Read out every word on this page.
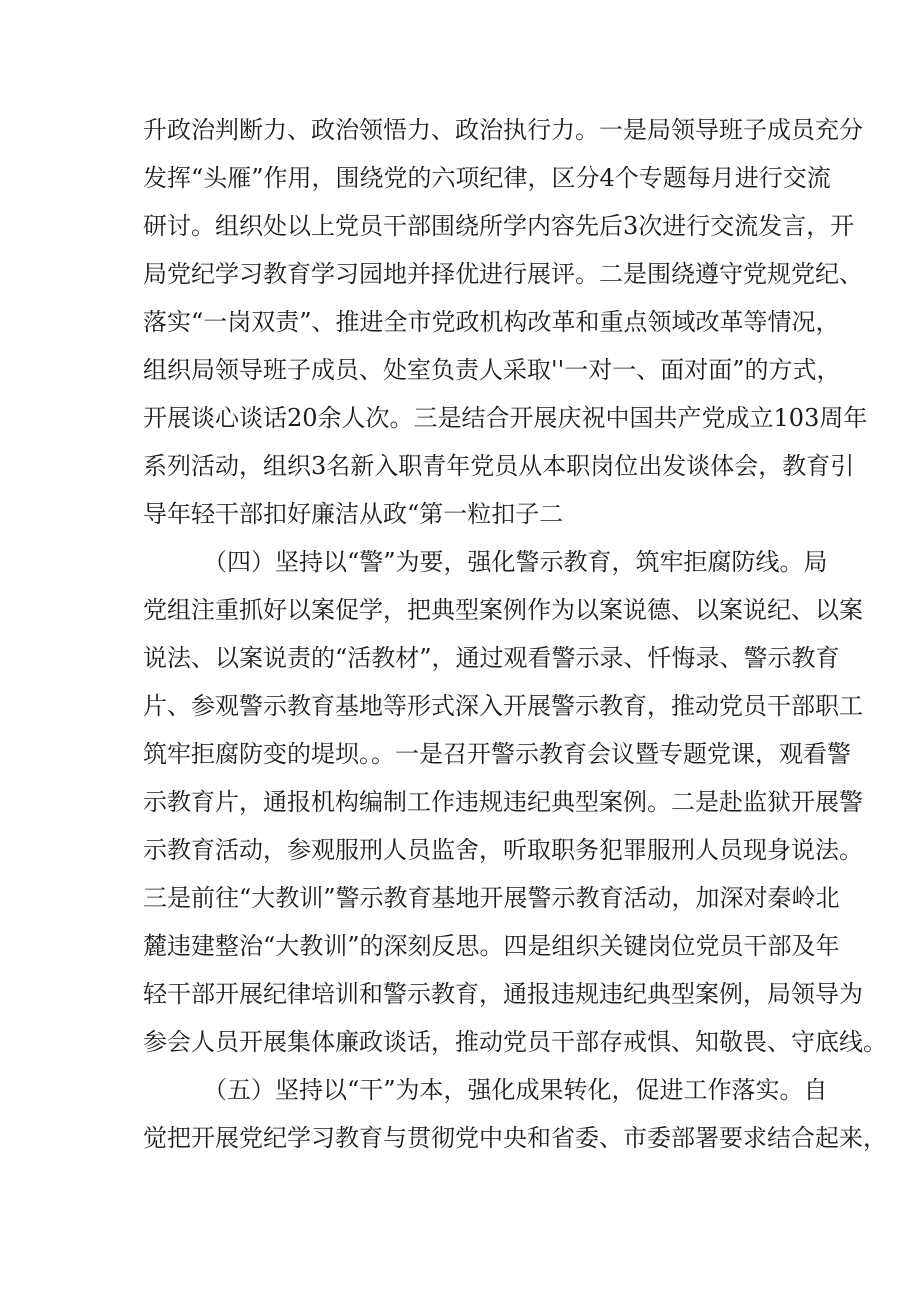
升政治判断力、政治领悟力、政治执行力。一是局领导班子成员充分
发挥“头雁”作用，围绕党的六项纪律，区分4个专题每月进行交流
研讨。组织处以上党员干部围绕所学内容先后3次进行交流发言，开
局党纪学习教育学习园地并择优进行展评。二是围绕遵守党规党纪、
落实“一岗双责”、推进全市党政机构改革和重点领域改革等情况，
组织局领导班子成员、处室负责人采取''一对一、面对面”的方式，
开展谈心谈话20余人次。三是结合开展庆祝中国共产党成立103周年
系列活动，组织3名新入职青年党员从本职岗位出发谈体会，教育引
导年轻干部扣好廉洁从政“第一粒扣子二
（四）坚持以“警”为要，强化警示教育，筑牢拒腐防线。局
党组注重抓好以案促学，把典型案例作为以案说德、以案说纪、以案
说法、以案说责的“活教材”，通过观看警示录、忏悔录、警示教育
片、参观警示教育基地等形式深入开展警示教育，推动党员干部职工
筑牢拒腐防变的堤坝。。一是召开警示教育会议暨专题党课，观看警
示教育片，通报机构编制工作违规违纪典型案例。二是赴监狱开展警
示教育活动，参观服刑人员监舍，听取职务犯罪服刑人员现身说法。
三是前往“大教训”警示教育基地开展警示教育活动，加深对秦岭北
麓违建整治“大教训”的深刻反思。四是组织关键岗位党员干部及年
轻干部开展纪律培训和警示教育，通报违规违纪典型案例，局领导为
参会人员开展集体廉政谈话，推动党员干部存戒惧、知敬畏、守底线。
（五）坚持以“干”为本，强化成果转化，促进工作落实。自
觉把开展党纪学习教育与贯彻党中央和省委、市委部署要求结合起来，
